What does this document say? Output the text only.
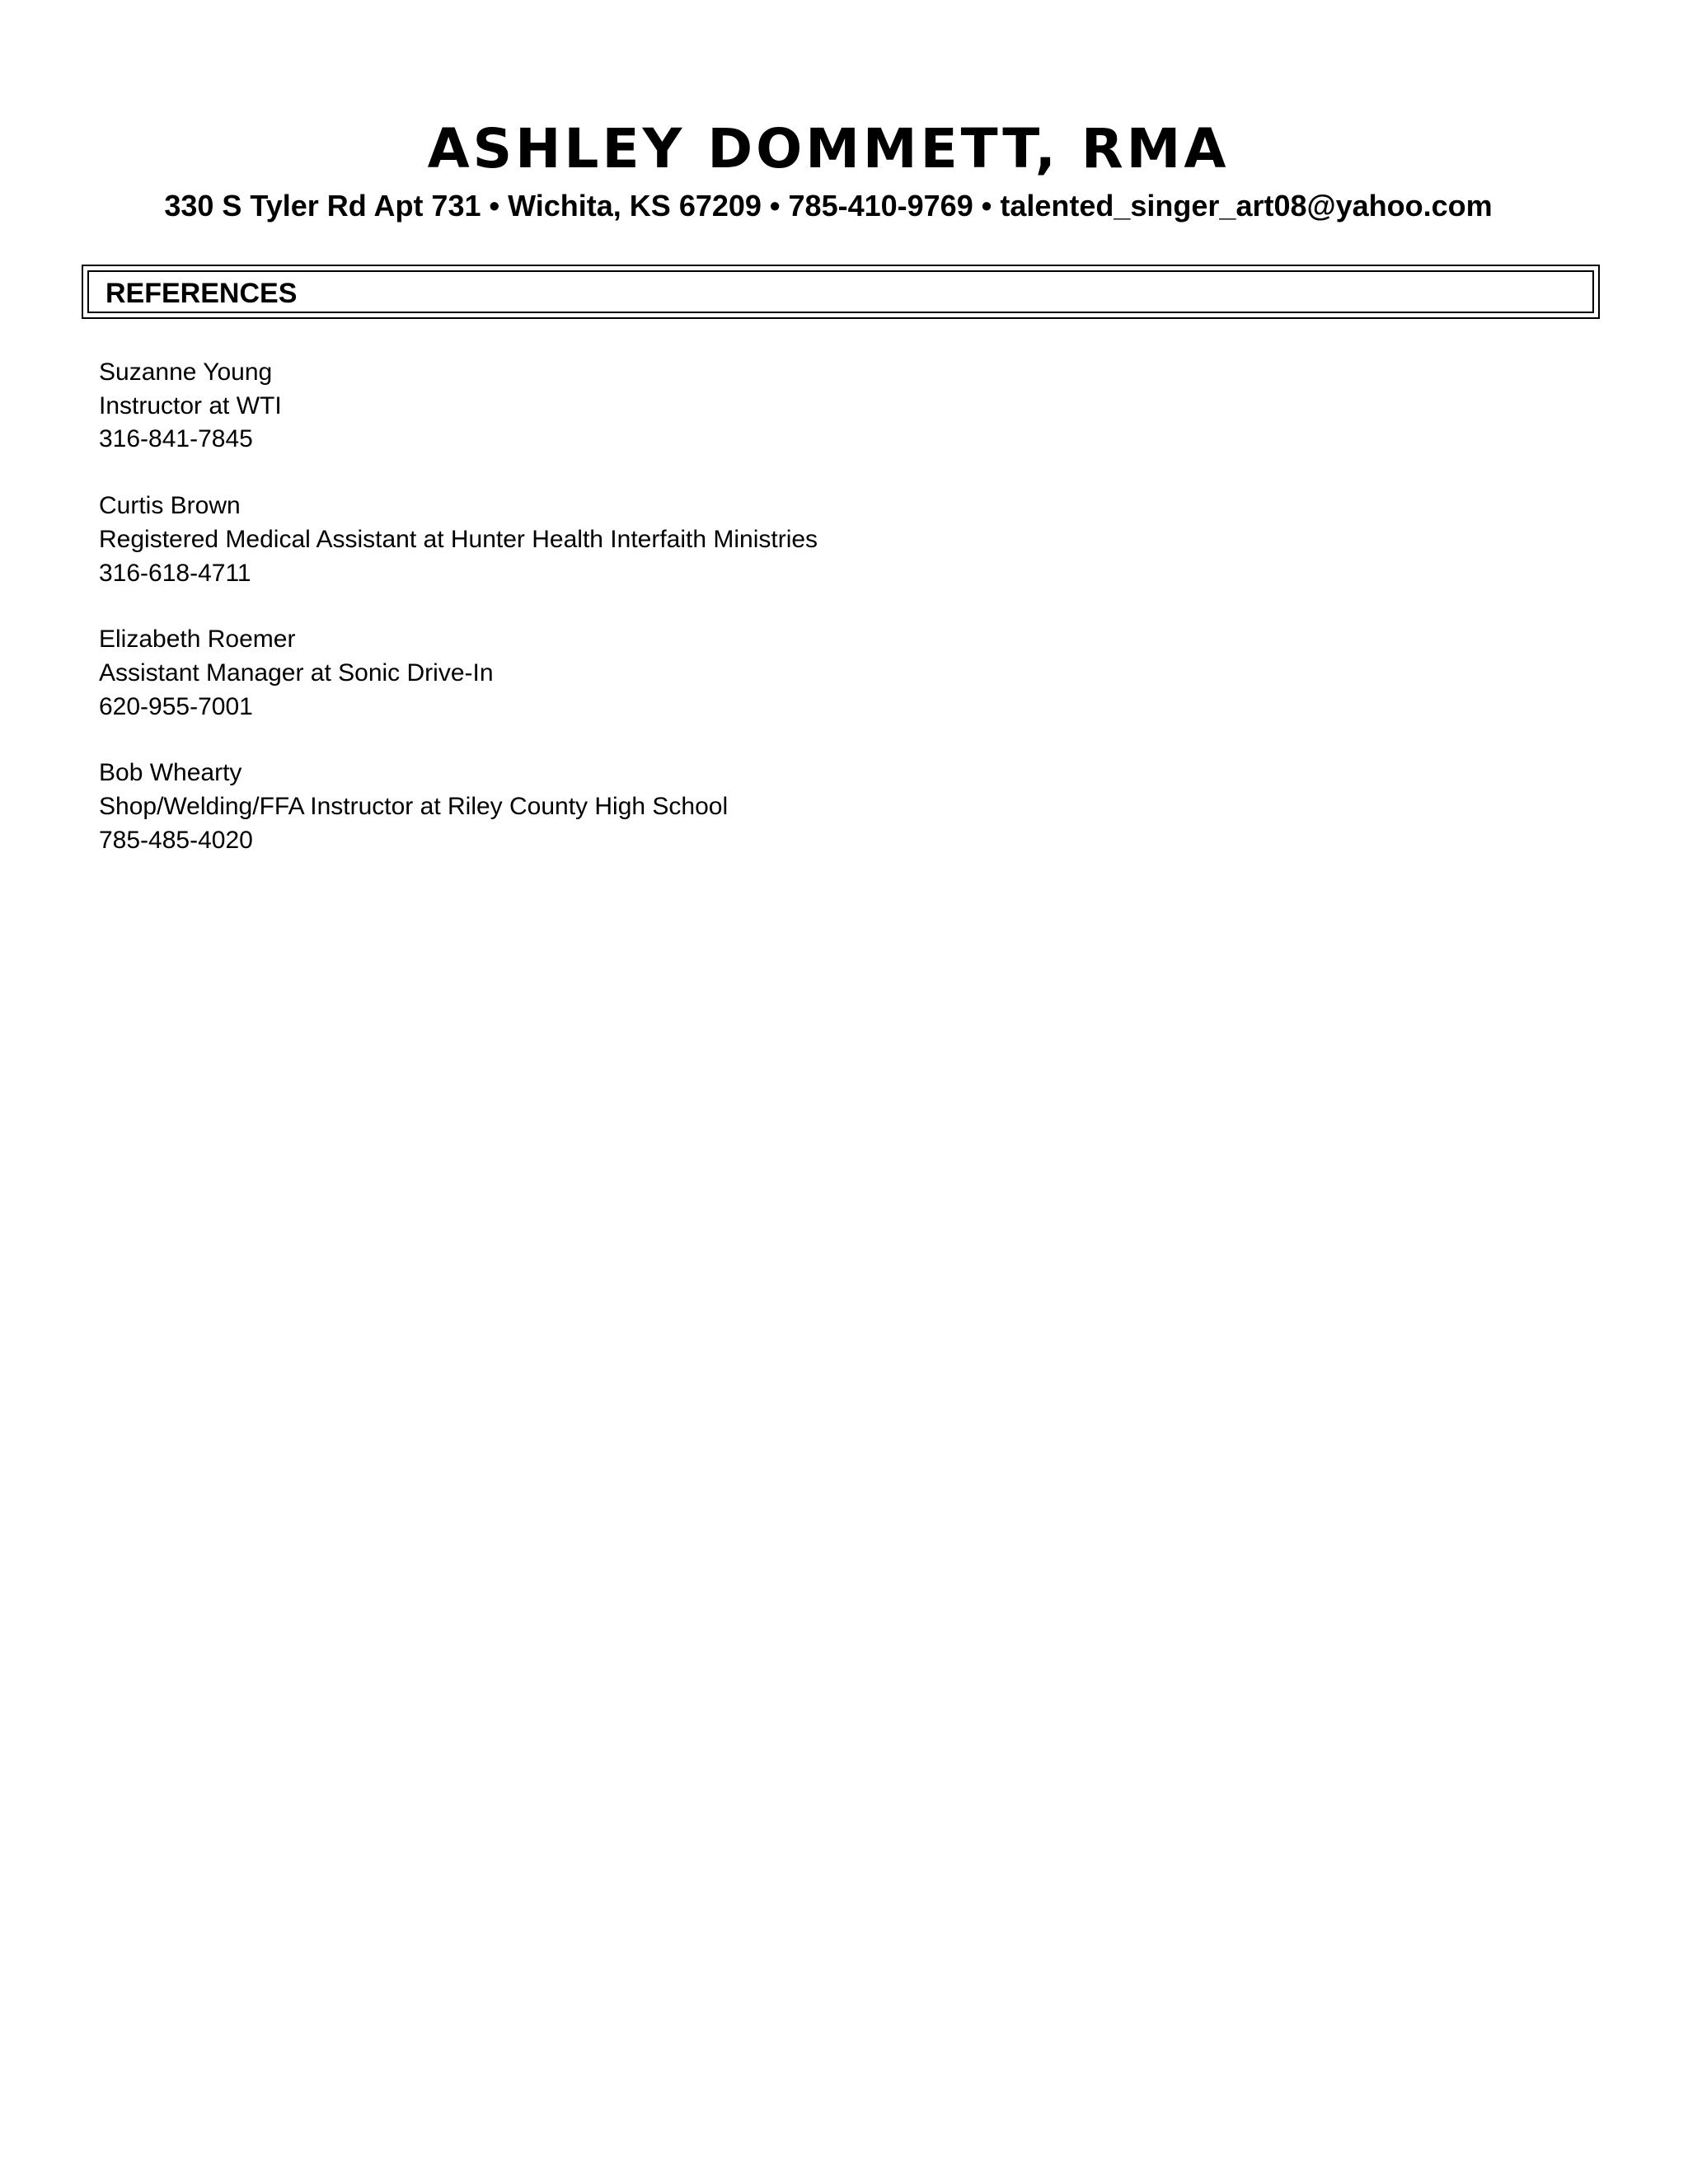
ASHLEY DOMMETT, RMA
330 S Tyler Rd Apt 731 • Wichita, KS 67209 • 785-410-9769 • talented_singer_art08@yahoo.com
REFERENCES
Suzanne Young
Instructor at WTI
316-841-7845
Curtis Brown
Registered Medical Assistant at Hunter Health Interfaith Ministries
316-618-4711
Elizabeth Roemer
Assistant Manager at Sonic Drive-In
620-955-7001
Bob Whearty
Shop/Welding/FFA Instructor at Riley County High School
785-485-4020
